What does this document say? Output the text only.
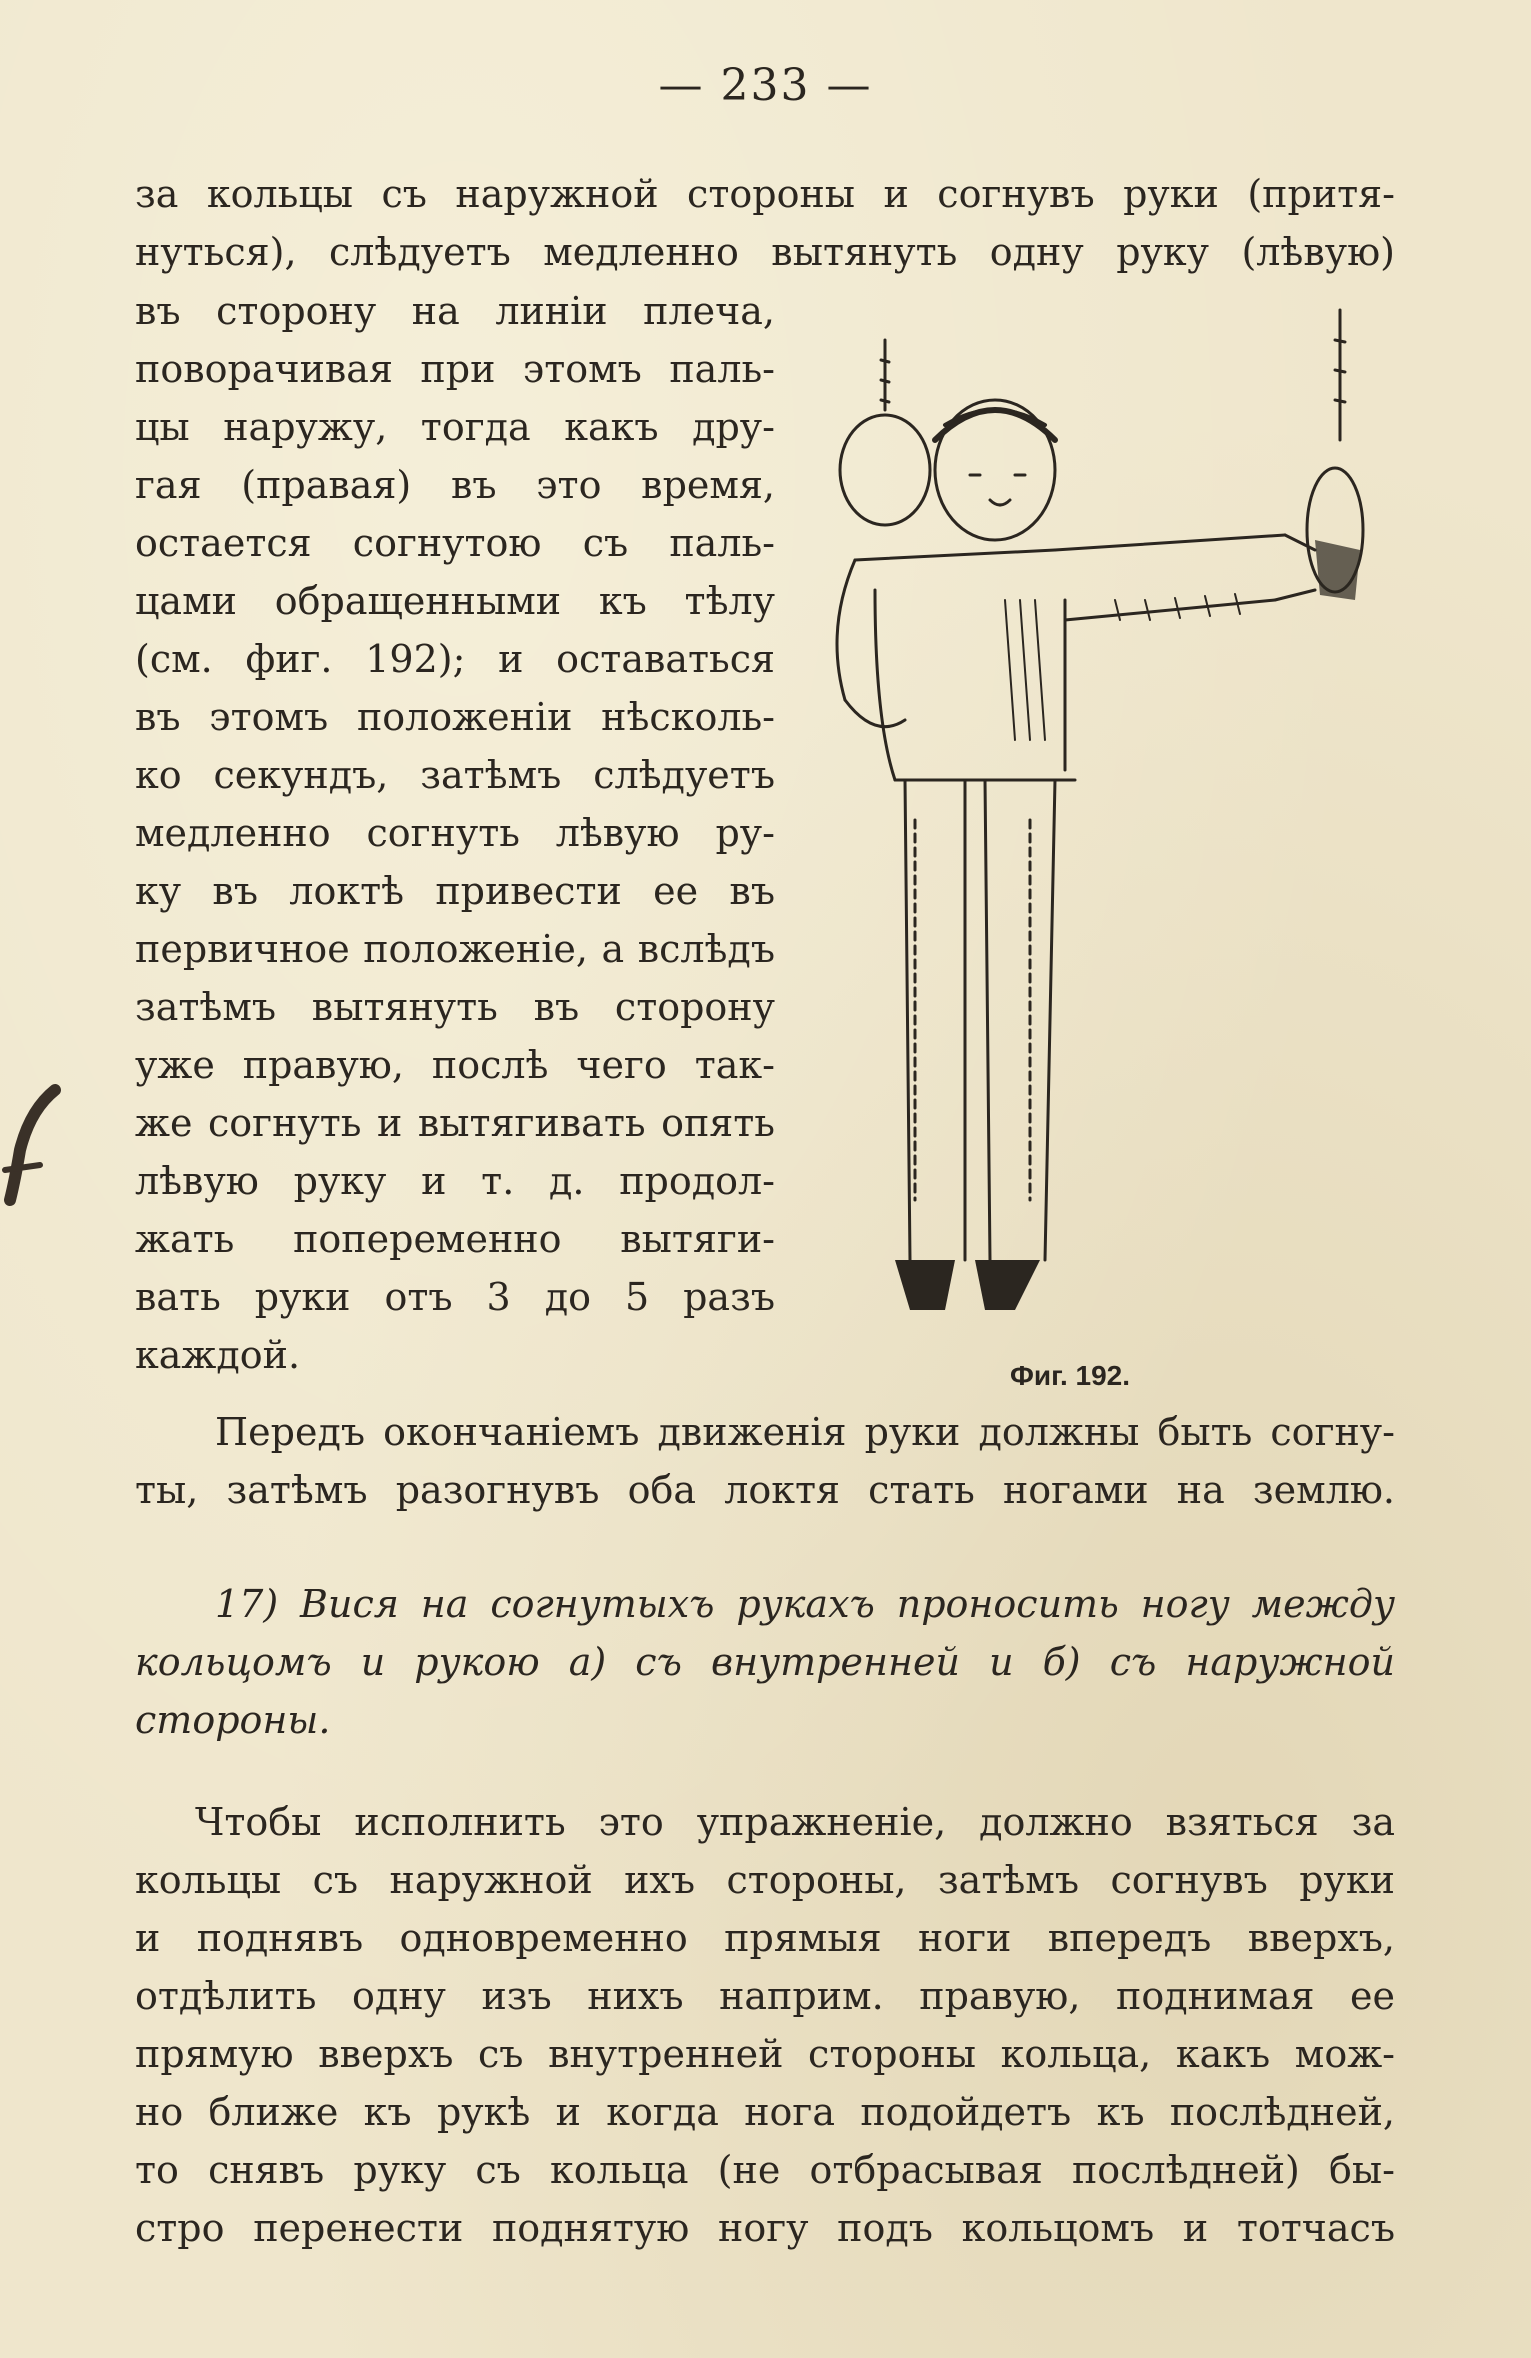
— 233 —
за кольцы съ наружной стороны и согнувъ руки (притя-
нуться), слѣдуетъ медленно вытянуть одну руку (лѣвую)
въ сторону на линiи плеча,
поворачивая при этомъ паль-
цы наружу, тогда какъ дру-
гая (правая) въ это время,
остается согнутою съ паль-
цами обращенными къ тѣлу
(см. фиг. 192); и оставаться
въ этомъ положенiи нѣсколь-
ко секундъ, затѣмъ слѣдуетъ
медленно согнуть лѣвую ру-
ку въ локтѣ привести ее въ
первичное положенiе, а вслѣдъ
затѣмъ вытянуть въ сторону
уже правую, послѣ чего так-
же согнуть и вытягивать опять
лѣвую руку и т. д. продол-
жать попеременно вытяги-
вать руки отъ 3 до 5 разъ
каждой.	Фиг. 192.
Передъ окончанiемъ движенiя руки должны быть согну-
ты, затѣмъ разогнувъ оба локтя стать ногами на землю.
17) Вися на согнутыхъ рукахъ проносить ногу между
кольцомъ и рукою а) съ внутренней и б) съ наружной
стороны.
Чтобы исполнить это упражненiе, должно взяться за
кольцы съ наружной ихъ стороны, затѣмъ согнувъ руки
и поднявъ одновременно прямыя ноги впередъ вверхъ,
отдѣлить одну изъ нихъ наприм. правую, поднимая ее
прямую вверхъ съ внутренней стороны кольца, какъ мож-
но ближе къ рукѣ и когда нога подойдетъ къ послѣдней,
то снявъ руку съ кольца (не отбрасывая послѣдней) бы-
стро перенести поднятую ногу подъ кольцомъ и тотчасъ
